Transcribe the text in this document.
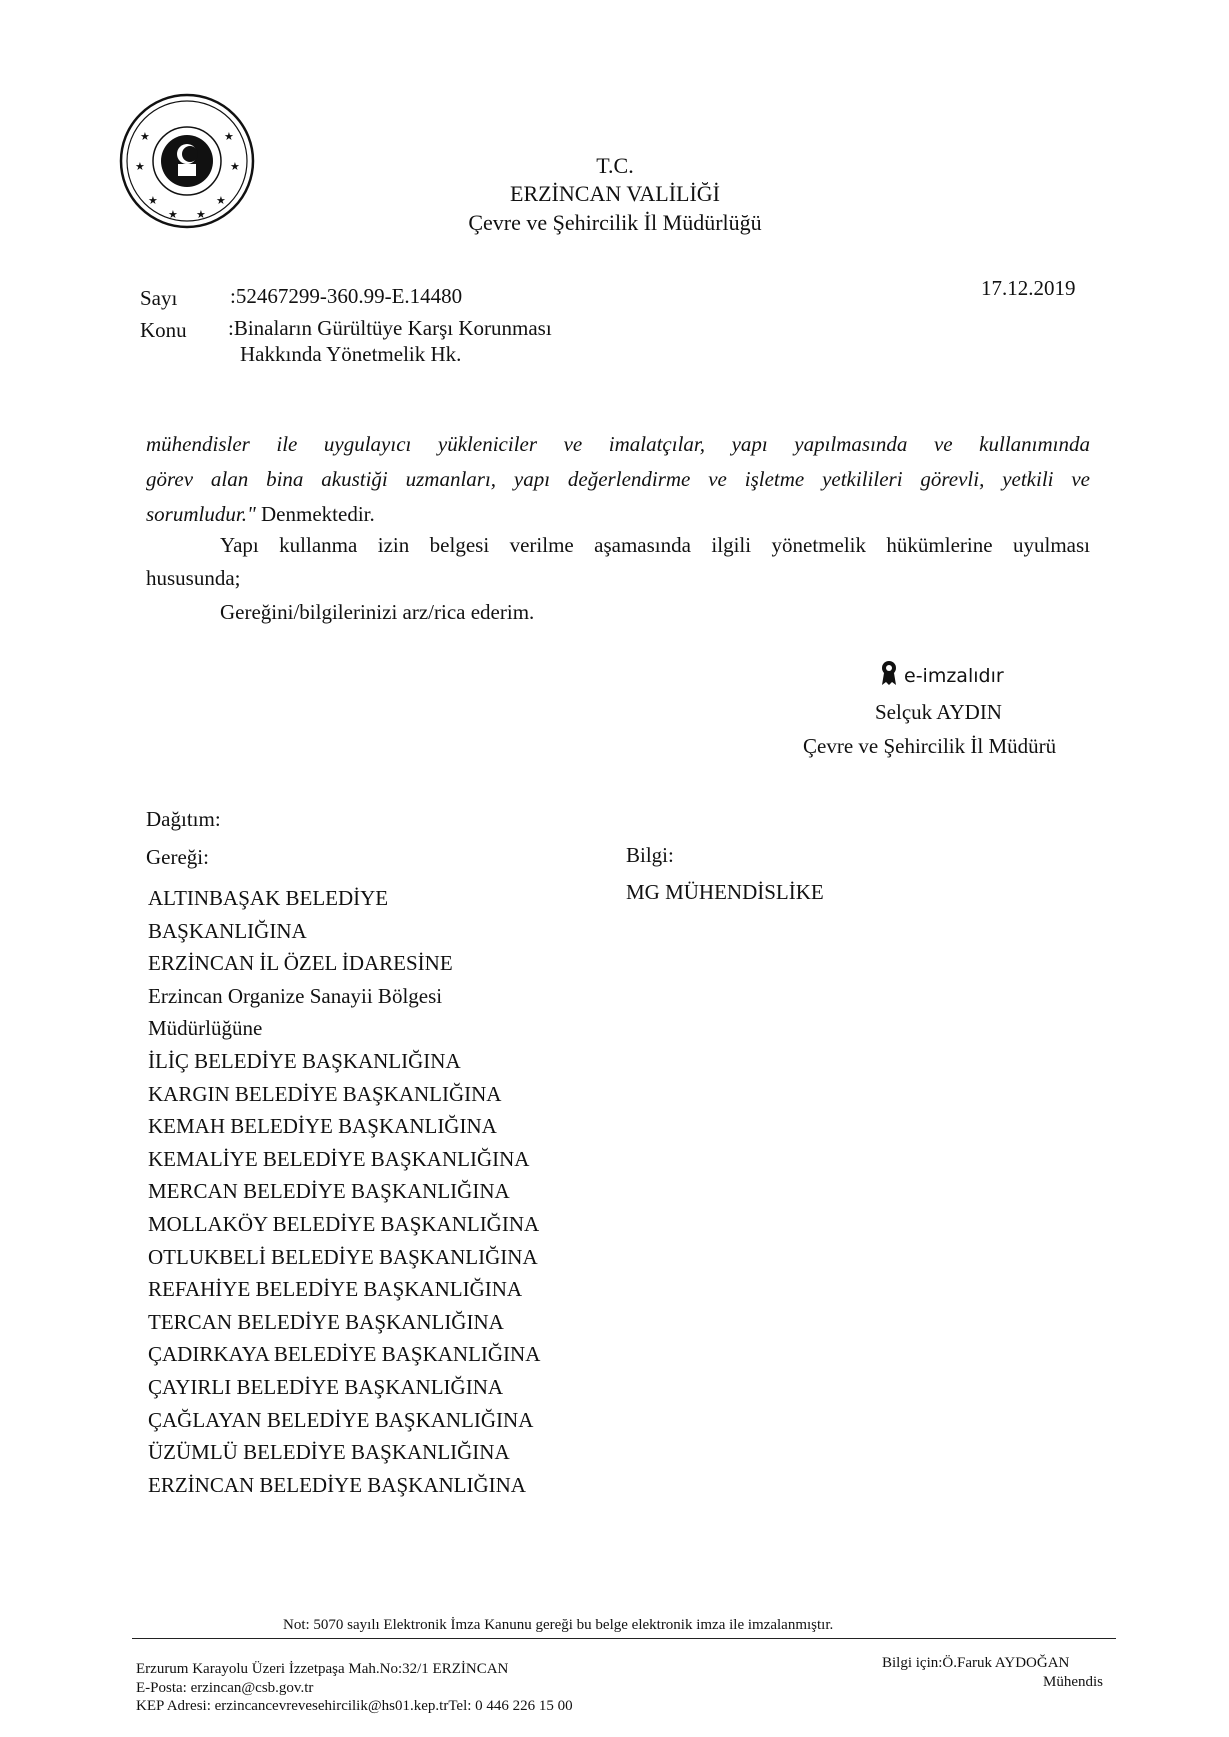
★	★
★	★
★ ★
★	★
T.C.
ERZİNCAN VALİLİĞİ
Çevre ve Şehircilik İl Müdürlüğü
Sayı	:52467299-360.99-E.14480	17.12.2019
Konu :Binaların Gürültüye Karşı Korunması
Hakkında Yönetmelik Hk.
mühendisler ile uygulayıcı yükleniciler ve imalatçılar, yapı yapılmasında ve kullanımında
görev alan bina akustiği uzmanları, yapı değerlendirme ve işletme yetkilileri görevli, yetkili ve
sorumludur." Denmektedir.
Yapı kullanma izin belgesi verilme aşamasında ilgili yönetmelik hükümlerine uyulması
hususunda;
Gereğini/bilgilerinizi arz/rica ederim.
e-imzalıdır
Selçuk AYDIN
Çevre ve Şehircilik İl Müdürü
Dağıtım:
Gereği:	Bilgi:
ALTINBAŞAK BELEDİYE
BAŞKANLIĞINA
ERZİNCAN İL ÖZEL İDARESİNE
Erzincan Organize Sanayii Bölgesi
Müdürlüğüne
İLİÇ BELEDİYE BAŞKANLIĞINA
KARGIN BELEDİYE BAŞKANLIĞINA
KEMAH BELEDİYE BAŞKANLIĞINA
KEMALİYE BELEDİYE BAŞKANLIĞINA
MERCAN BELEDİYE BAŞKANLIĞINA
MOLLAKÖY BELEDİYE BAŞKANLIĞINA
OTLUKBELİ BELEDİYE BAŞKANLIĞINA
REFAHİYE BELEDİYE BAŞKANLIĞINA
TERCAN BELEDİYE BAŞKANLIĞINA
ÇADIRKAYA BELEDİYE BAŞKANLIĞINA
ÇAYIRLI BELEDİYE BAŞKANLIĞINA
ÇAĞLAYAN BELEDİYE BAŞKANLIĞINA
ÜZÜMLÜ BELEDİYE BAŞKANLIĞINA
ERZİNCAN BELEDİYE BAŞKANLIĞINA
MG MÜHENDİSLİKE
Not: 5070 sayılı Elektronik İmza Kanunu gereği bu belge elektronik imza ile imzalanmıştır.
Erzurum Karayolu Üzeri İzzetpaşa Mah.No:32/1 ERZİNCAN
E-Posta: erzincan@csb.gov.tr
KEP Adresi: erzincancevrevesehircilik@hs01.kep.trTel: 0 446 226 15 00
Bilgi için:Ö.Faruk AYDOĞAN
Mühendis
